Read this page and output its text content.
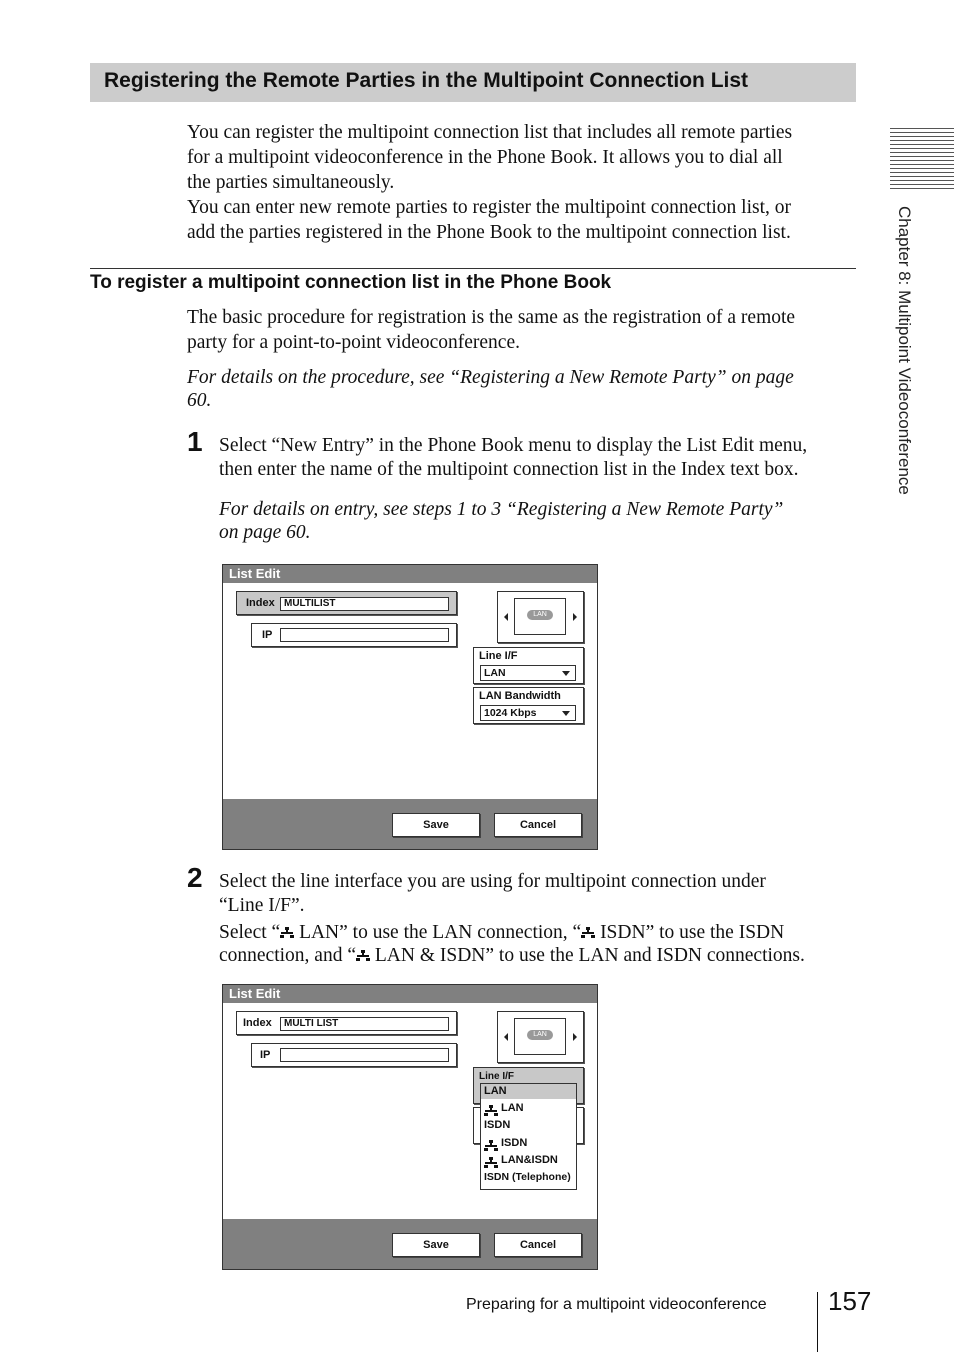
Registering the Remote Parties in the Multipoint Connection List
Chapter 8: Multipoint Videoconference
You can register the multipoint connection list that includes all remote parties
for a multipoint videoconference in the Phone Book. It allows you to dial all
the parties simultaneously.
You can enter new remote parties to register the multipoint connection list, or
add the parties registered in the Phone Book to the multipoint connection list.
To register a multipoint connection list in the Phone Book
The basic procedure for registration is the same as the registration of a remote
party for a point-to-point videoconference.
For details on the procedure, see “Registering a New Remote Party” on page
60.
1 Select “New Entry” in the Phone Book menu to display the List Edit menu,
then enter the name of the multipoint connection list in the Index text box.
For details on entry, see steps 1 to 3 “Registering a New Remote Party”
on page 60.
List Edit
Index MULTILIST
IP
LAN
Line I/F
LAN
LAN Bandwidth
1024 Kbps
Save	Cancel
2 Select the line interface you are using for multipoint connection under
“Line I/F”.
Select “
LAN” to use the LAN connection, “
ISDN” to use the ISDN
connection, and “
LAN & ISDN” to use the LAN and ISDN connections.
List Edit
Index	MULTI LIST
IP
LAN
Line I/F
LAN
LAN
ISDN
ISDN
LAN&ISDN
ISDN (Telephone)
Save	Cancel
Preparing for a multipoint videoconference 157
